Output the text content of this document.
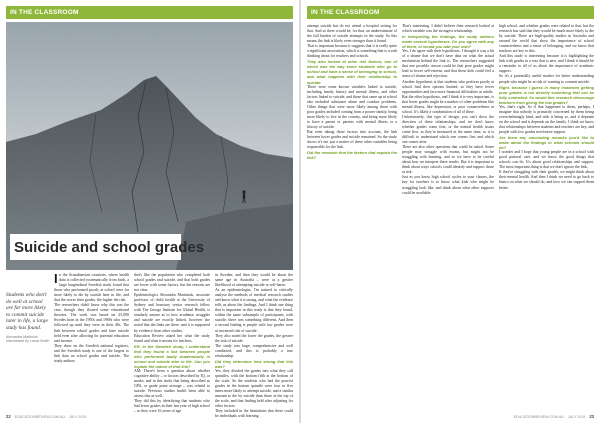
IN THE CLASSROOM
Suicide and school grades
Students who don't do well at school are far more likely to commit suicide later in life, a large study has found.
Alexandra Martiniuk interviewed by Laura Smith

In the Scandinavian countries, where health data is collected systematically from birth, a large longitudinal Swedish study found that those who performed poorly at school were far more likely to die by suicide later in life, and that the worse their grades, the higher the risk.

The researchers didn't know why this was the case, though they floated some educational theories. The work was based on 25,000 Swedes born in the 1950s and 1960s who were followed up until they were in their 40s. The link between school grades and later suicide held even after allowing for parental education and income.

They drew on the Swedish national registers, and the Swedish study is one of the largest to link data on school grades and suicide. The study authors

that's like the population who completed both school grades and suicide, and that both grades are lower with some factors, but the reasons are not clear.

Epidemiologist Alexandra Martiniuk, associate professor of child health at the University of Sydney and honorary senior research fellow with The George Institute for Global Health, is similarly unsure as to how academic struggles and suicide are exactly linked, however she noted that the links are there, and it is supported by evidence from other studies.

Education Review asked her what the study found and what it means for teachers.

ER: In the Swedish study, I understand that they found a link between people who performed badly academically in school and suicide later in life. Can you explain the nature of that link?

AM: There's been a question about whether cognitive ability – or factors described by IQ, or marks, and in this study that being described as GPA, or grade point average – was related to suicide. Previous studies hadn't been able to assess this as well.

They did this by identifying that students who had lower grades in their last year of high school – so they were 16 years of age

in Sweden, and then they would be about the same age in Australia – were at a greater likelihood of attempting suicide or self-harm.

As an epidemiologist, I'm trained to critically analyse the methods of medical research studies and know what it is strong, and what the evidence tells us about the findings. And I think one thing that is important in this study is that they found, within the same subsample of participants, with suicide, there was something different. And then a second finding is people with low grades were at increased risk of suicide.

They also noted the lower the grades, the greater the risk of suicide.

The study was large, comprehensive and well conducted, and this is probably a true relationship.

Did they determine how strong that link was?

Yes, they divided the grades into what they call quintiles, with the bottom fifth at the bottom of the scale. So the students who had the poorest grades in the bottom quintile were four to five times more likely to attempt suicide, and a similar amount to die by suicide than those at the top of the scale, and that finding held after adjusting for other factors.

They included in the limitations that there could be individuals with learning

22 EDUCATIONREVIEW.COM.AU JULY 2015
IN THE CLASSROOM

attempt suicide but do not attend a hospital setting for that. And so there would be, for that, an underestimate of the full burden of suicide attempts in the study. So this means the link is likely even stronger than it found.

That is important because it suggests that it is really quite a significant association, which is something that is worth thinking about for teachers and schools.

They also looked at other risk factors, one of which was the way some students who go to school and have a sense of belonging to school, and what happens with their relationship to suicide.

There were some known variables linked to suicide, including family history and mental illness, and other factors linked to suicide, and those that came up at school also included substance abuse and conduct problems. Other things that were more likely among those with poor grades included coming from a poorer family, being more likely to live in the country, and being more likely to have a parent or parents with mental illness or a history of suicide.

But even taking those factors into account, the link between lower grades and suicide remained. So the study shows it's not just a matter of these other variables being responsible for the link.

Did the research find the factors that explain the link?

That's interesting. I didn't believe their research looked at which variable was the strongest relationship.

In interpreting the findings, the study authors made several hypotheses. Do you agree with any of them, or would you add your own?

Yes, I do agree with their hypotheses. I thought it was a bit of a shame that we don't have data on what the actual mechanism behind the link is. The researchers suggested that one possible reason could be that poor grades might lead to lower self-esteem, and that these kids could feel a sense of shame and rejection.

Another hypothesis is that students who perform poorly at school find their options limited, so they have fewer opportunities and face more financial difficulties as adults.

But the other hypothesis, and I think it is very important, is that lower grades might be a marker of other problems like mental illness, like depression, or poor connectedness at school. It's likely a combination of all of these.

Unfortunately, this type of design, you can't show the direction of these relationships, and we don't know whether grades come first, or the mental health issues come first, as they're measured at the same time, so it is difficult to understand which one comes first and which one comes after.

There are also other questions that could be asked. Some people may struggle with exams, but might not be struggling with learning, and so we have to be careful about how we interpret these results. But it is important to think about ways schools could identify and support those at risk.

Just as you know high school cycles to your classes, the key for teachers is to know what kids who might be struggling look like, and think about what other supports could be available.

high school, and whether grades were related to that, but the research has said that they would be much more likely to die by suicide. There are high-quality studies in Australia and around the world that show the importance of school connectedness and a sense of belonging, and we know that teachers are key to this.

And this study is interesting because it is highlighting the link with grades in a way that is new, and I think it should be a reminder to all of us about the importance of academic support.

So it's a potentially useful marker for better understanding people who might be at risk of wanting to commit suicide.

Right, because I guess in many instances getting poor grades is not directly something that can be fully controlled. So would this research discourage teachers from giving the low grades?

Yes, that's right. So if that happened to them, perhaps, I imagine that nobody is primarily concerned by them being overwhelmingly kind, and with it being so, and it depends on the school and it depends on the family. I think we know that relationships between students and teachers are key, and people with low grades need more support.

Are there any concluding remarks you'd like to make about the findings or what schools should do?

I wonder and I hope that young people are in a school with good pastoral care, and we know the good things that schools can do. It's about good relationships and support. The most important thing is that we don't ignore the link.

If they're struggling with their grades, we might think about their mental health. And then I think we need to go back to basics on what we should do, and how we can support them better.

EDUCATIONREVIEW.COM.AU JULY 2015 23
